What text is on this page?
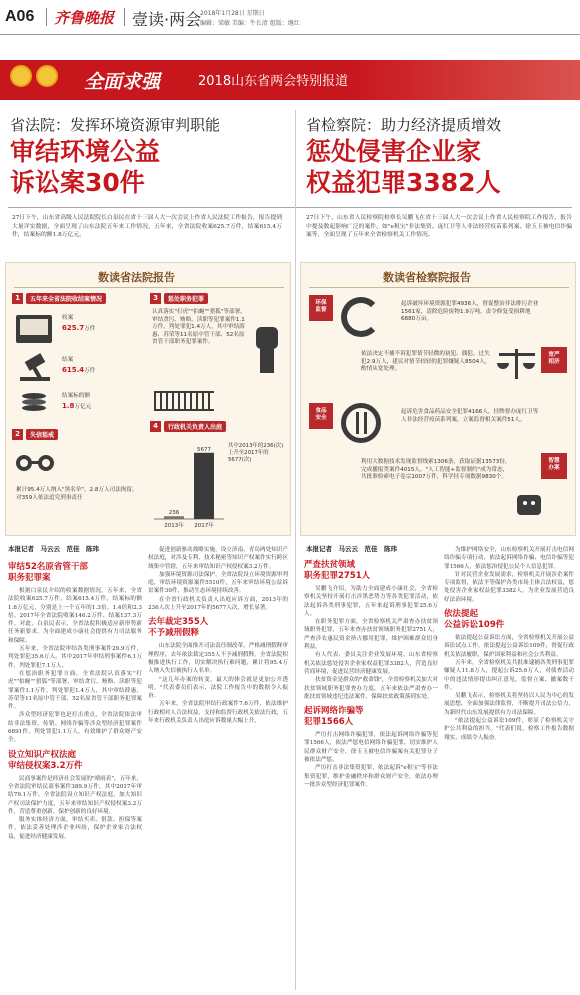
A06 齐鲁晚报 壹读·两会
2018年1月28日 星期日
编辑：梁敏 美编：牛长清 组版：继红
全面求强	2018山东省两会特别报道
省法院：发挥环境资源审判职能
审结环境公益
诉讼案30件
省检察院：助力经济提质增效
惩处侵害企业家
权益犯罪3382人
27日下午，山东省高级人民法院院长白泉民在省十三届人大一次会议上作省人民法院工作报告，报告提到大量详实数据，全面呈现了山东法院五年来工作情况，五年来，全省法院收案625.7万件，结案615.4万件，结案标的额1.8万亿元。
27日下午，山东省人民检察院检察长吴鹏飞在省十三届人大一次会议上作省人民检察院工作报告，报告中提及数起影响广泛的案件，如"e租宝"非法集资、庞红卫等人非法经营疫苗系列案、徐玉玉被电信诈骗案等，全面呈现了五年来全省检察机关工作情况。
数读省法院报告
1	五年来全省法院收结案情况
收案
625.7万件
结案
615.4万件
结案标的额
1.8万亿元
2	失信惩戒
累计95.4万人纳入"黑名单"，2.8万人司法拘留，对359人依法追究刑事责任
3	惩处职务犯罪
认真落实"打虎""拍蝇""猎狐"等部署，审结贪污、贿赂、渎职等犯罪案件1.1万件，判处罪犯1.4万人，其中审结薛惠、苏荣等11名原中管干部、52名原省管干部职务犯罪案件。
4	行政机关负责人出庭
236
2013年
5677
2017年
其中2013年的236(次)上升至2017年的5677(次)
数读省检察院报告
环保
监督
起诉破坏环境资源犯罪4936人，督促整治非法排污企业1561家，清除危险废物1.9万吨，责令修复受损耕地6880万亩。
宽严
相济
依法决定不捕不诉犯罪情节轻微的初犯、偶犯、过失犯2.9万人，建议对情节较轻的犯罪嫌疑人8504人，酌情从宽处理。
食品
安全
起诉危害食品药品安全犯罪4166人，挂牌督办庞红卫等人非法经营疫苗系列案，立案监督相关案件51人。
智慧
办案
利用大数据技术发现监督线索1306条，获取证据13573份，完成播报类案件4015人，"人工智能+监督制约"成为常态，共批准检索电子卷宗1007万件，科学挂专项数据9830个。
本报记者　马云云　范佳　陈玮	本报记者　马云云　范佳　陈玮
审结52名原省管干部
职务犯罪案
根据白泉民介绍的收案数据情况，五年来，全省法院收案625.7万件，结案615.4万件，结案标的额1.8万亿元，分别是上一个五年的1.3倍、1.4倍和2.3倍。2017年全省法院收案146.2万件、结案137.3万件。对此，白泉民表示，全省法院积极适应新形势新任务新要求，为全面建成小康社会提供有力司法服务和保障。
五年来，全省法院审结各类刑事案件29.9万件，判处罪犯35.6万人。其中2017年审结刑事案件6.1万件，判处罪犯7.1万人。
在惩治职务犯罪方面，全省法院认真落实"打虎""拍蝇""猎狐"等部署，审结贪污、贿赂、渎职等犯罪案件1.1万件，判处罪犯1.4万人，其中审结薛惠、苏荣等11名原中管干部、52名原省管干部职务犯罪案件。
涉众型经济犯罪也是打击重点，全省法院依法审结非法集资、传销、网络诈骗等涉众型经济犯罪案件6891件，判处罪犯1.1万人，有效维护了群众财产安全。
设立知识产权法庭
审结侵权案3.2万件
民商事案件是经济社会发展的"晴雨表"，五年来，全省法院审结民商事案件389.9万件，其中2017年审结79.1万件。全省法院设立知识产权法庭，加大知识产权司法保护力度，五年来审结知识产权侵权案3.2万件，营造尊重创新、保护创新的良好环境。
服务实体经济方面，审结买卖、借款、担保等案件，依法妥善处理涉企业纠纷，保护企业家合法权益，促进经济健康发展。
促进创新驱动战略实施，设立济南、青岛两处知识产权法庭，对涉及专利、技术秘密等知识产权案件实行跨区域集中管辖，五年来审结知识产权侵权案3.2万件。
加强环境资源司法保护，全省法院设立环境资源审判庭，审结环境资源案件5510件，五年来审结环境公益诉讼案件30件，推动生态环境持续改善。
在全省行政机关负责人出庭应诉方面，2013年的236人次上升至2017年的5677人次，增长显著。
去年裁定355人
不予减刑假释
山东法院全面推开司法责任制改革，严格减刑假释审理程序，去年依法裁定355人不予减刑假释。全省法院积极推进执行工作，切实解决执行难问题，累计将95.4万人纳入失信被执行人名单。
"这几年办案的转变，最大的体会就是更加公开透明。"代表委员们表示，法院工作报告中的数据令人振奋。
五年来，全省法院审结行政案件7.6万件，依法维护行政相对人合法权益，支持和监督行政机关依法行政，五年来行政机关负责人出庭应诉数量大幅上升。
严查扶贫领域
职务犯罪2751人
吴鹏飞介绍，为助力全面建成小康社会，全省检察机关坚持开展打击涉黑恶势力等各类犯罪活动，依法起诉各类刑事犯罪，五年来起诉刑事犯罪25.6万人。
在职务犯罪方面，全省检察机关严肃查办扶贫领域职务犯罪，五年来查办扶贫领域职务犯罪2751人，严查涉农惠民资金挤占挪用犯罪，维护困难群众切身利益。
有人代表、委员关注企业发展环境，山东省检察机关依法惩处侵害企业家权益犯罪3382人，营造良好营商环境，促进民营经济健康发展。
扶贫资金是群众的"救命钱"，全省检察机关加大对扶贫领域职务犯罪查办力度，五年来依法严肃查办一批扶贫领域违纪违法案件，保障扶贫政策落到实处。
起诉网络诈骗等
犯罪1566人
严厉打击网络诈骗犯罪，依法起诉网络诈骗等犯罪1566人，依法严惩电信网络诈骗犯罪，切实维护人民群众财产安全，徐玉玉被电信诈骗案有关犯罪分子被依法严惩。
严厉打击非法集资犯罪，依法起诉"e租宝"等非法集资犯罪，维护金融秩序和群众财产安全，依法办理一批涉众型经济犯罪案件。
为维护网络安全，山东检察机关开展打击电信网络诈骗专项行动，依法起诉网络诈骗、电信诈骗等犯罪1566人，依法惩治侵犯公民个人信息犯罪。
针对民营企业发展需求，检察机关开展涉企案件专项监督，依法平等保护各类市场主体合法权益，惩处侵害企业家权益犯罪3382人，为企业发展营造良好法治环境。
依法提起
公益诉讼109件
依法提起公益诉讼方面，全省检察机关开展公益诉讼试点工作，依法提起公益诉讼109件，督促行政机关依法履职，保护国家利益和社会公共利益。
五年来，全省检察机关共批准逮捕各类刑事犯罪嫌疑人11.8万人，提起公诉25.6万人，对侦查活动中的违法情形提出纠正意见，监督立案、撤案数千件。
吴鹏飞表示，检察机关将坚持以人民为中心的发展思想，全面加强法律监督，不断提升司法公信力，为新时代山东发展提供有力司法保障。
"依法提起公益诉讼109件，彰显了检察机关守护公共利益的担当。"代表们说，检察工作报告数据翔实，成绩令人振奋。
